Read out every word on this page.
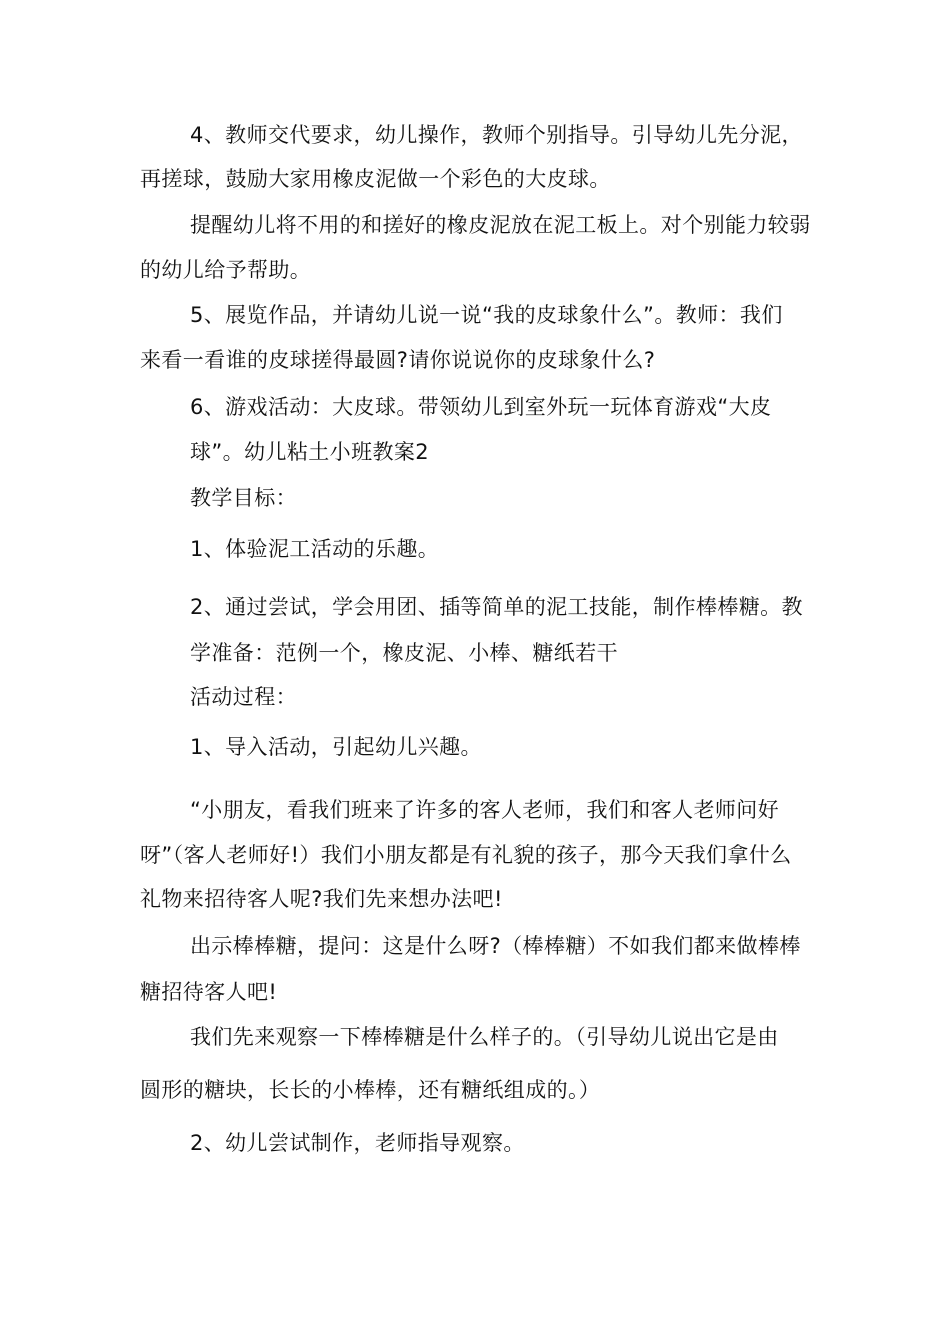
4、教师交代要求，幼儿操作，教师个别指导。引导幼儿先分泥，
再搓球，鼓励大家用橡皮泥做一个彩色的大皮球。
提醒幼儿将不用的和搓好的橡皮泥放在泥工板上。对个别能力较弱
的幼儿给予帮助。
5、展览作品，并请幼儿说一说“我的皮球象什么”。教师：我们
来看一看谁的皮球搓得最圆?请你说说你的皮球象什么?
6、游戏活动：大皮球。带领幼儿到室外玩一玩体育游戏“大皮
球”。幼儿粘土小班教案2
教学目标：
1、体验泥工活动的乐趣。
2、通过尝试，学会用团、插等简单的泥工技能，制作棒棒糖。教
学准备：范例一个，橡皮泥、小棒、糖纸若干
活动过程：
1、导入活动，引起幼儿兴趣。
“小朋友，看我们班来了许多的客人老师，我们和客人老师问好
呀”（客人老师好!）我们小朋友都是有礼貌的孩子，那今天我们拿什么
礼物来招待客人呢?我们先来想办法吧!
出示棒棒糖，提问：这是什么呀?（棒棒糖）不如我们都来做棒棒
糖招待客人吧!
我们先来观察一下棒棒糖是什么样子的。（引导幼儿说出它是由
圆形的糖块，长长的小棒棒，还有糖纸组成的。）
2、幼儿尝试制作，老师指导观察。
